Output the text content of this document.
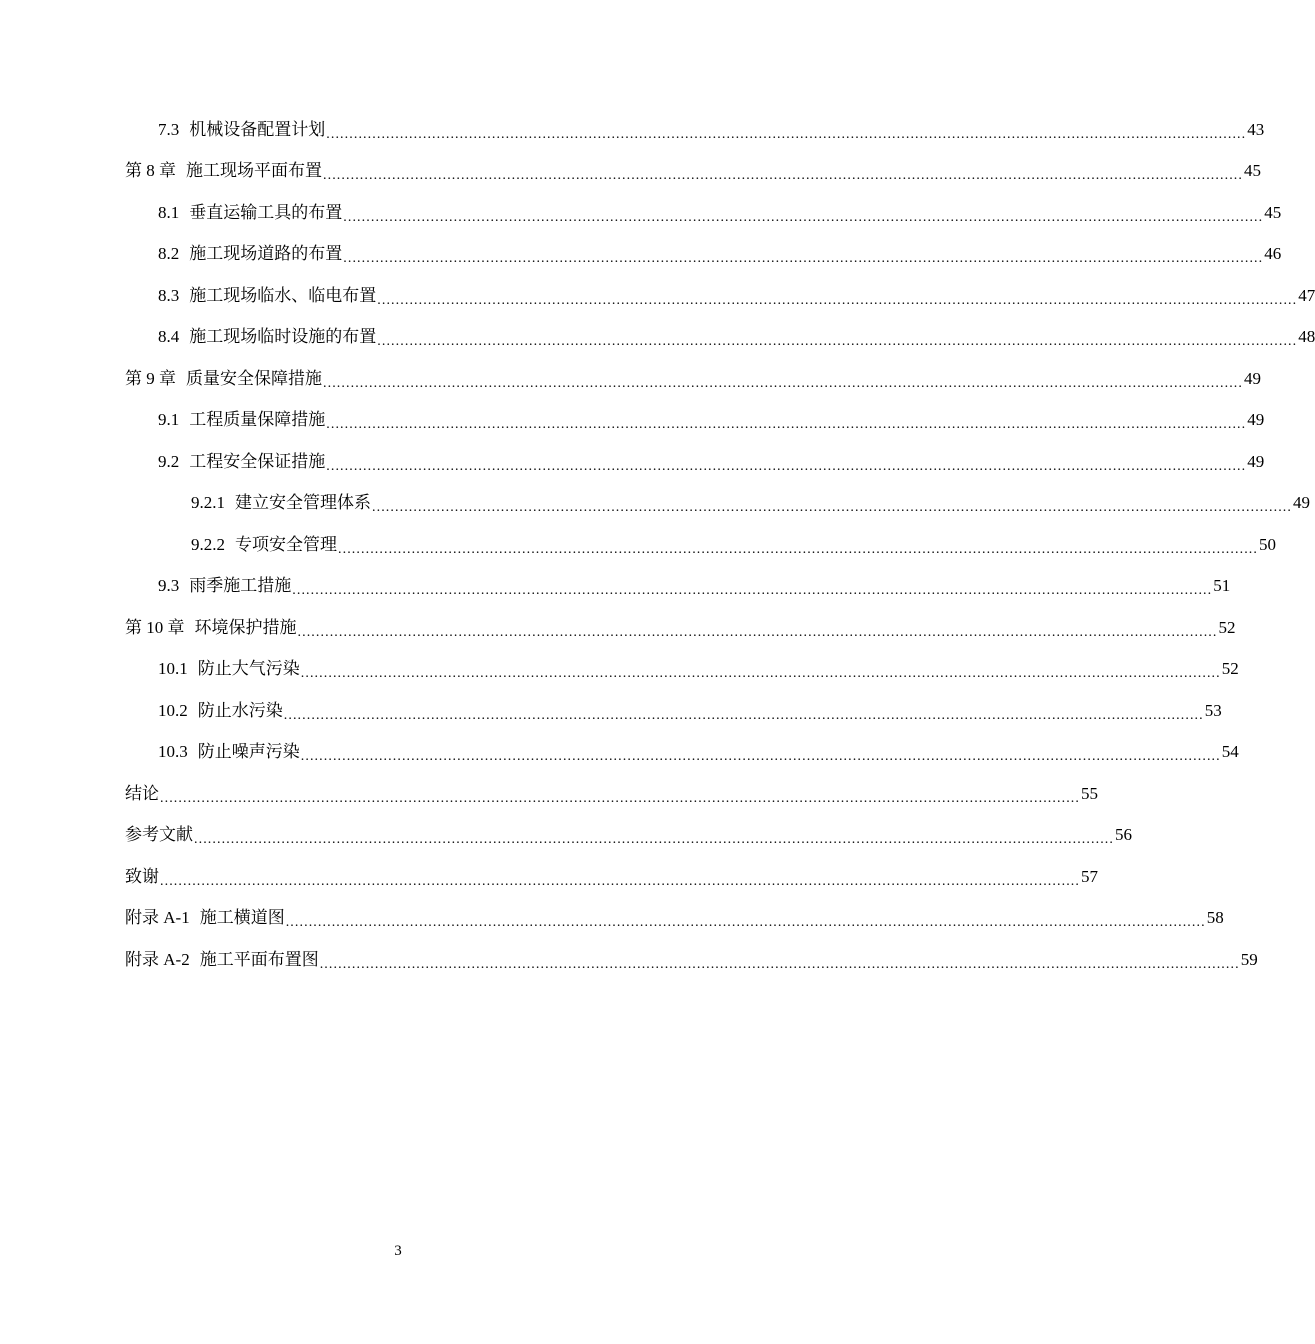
7.3 机械设备配置计划 ........................................................................................................................................................................................................ 43
第 8 章 施工现场平面布置 ........................................................................................................................................................................................................ 45
8.1 垂直运输工具的布置 ........................................................................................................................................................................................................ 45
8.2 施工现场道路的布置 ........................................................................................................................................................................................................ 46
8.3 施工现场临水、临电布置 ........................................................................................................................................................................................................ 47
8.4 施工现场临时设施的布置 ........................................................................................................................................................................................................ 48
第 9 章 质量安全保障措施 ........................................................................................................................................................................................................ 49
9.1 工程质量保障措施 ........................................................................................................................................................................................................ 49
9.2 工程安全保证措施 ........................................................................................................................................................................................................ 49
9.2.1 建立安全管理体系 ........................................................................................................................................................................................................ 49
9.2.2 专项安全管理 ........................................................................................................................................................................................................ 50
9.3 雨季施工措施 ........................................................................................................................................................................................................ 51
第 10 章 环境保护措施 ........................................................................................................................................................................................................ 52
10.1 防止大气污染 ........................................................................................................................................................................................................ 52
10.2 防止水污染 ........................................................................................................................................................................................................ 53
10.3 防止噪声污染 ........................................................................................................................................................................................................ 54
结论 ........................................................................................................................................................................................................ 55
参考文献 ........................................................................................................................................................................................................ 56
致谢 ........................................................................................................................................................................................................ 57
附录 A-1 施工横道图 ........................................................................................................................................................................................................ 58
附录 A-2 施工平面布置图 ........................................................................................................................................................................................................ 59
3
